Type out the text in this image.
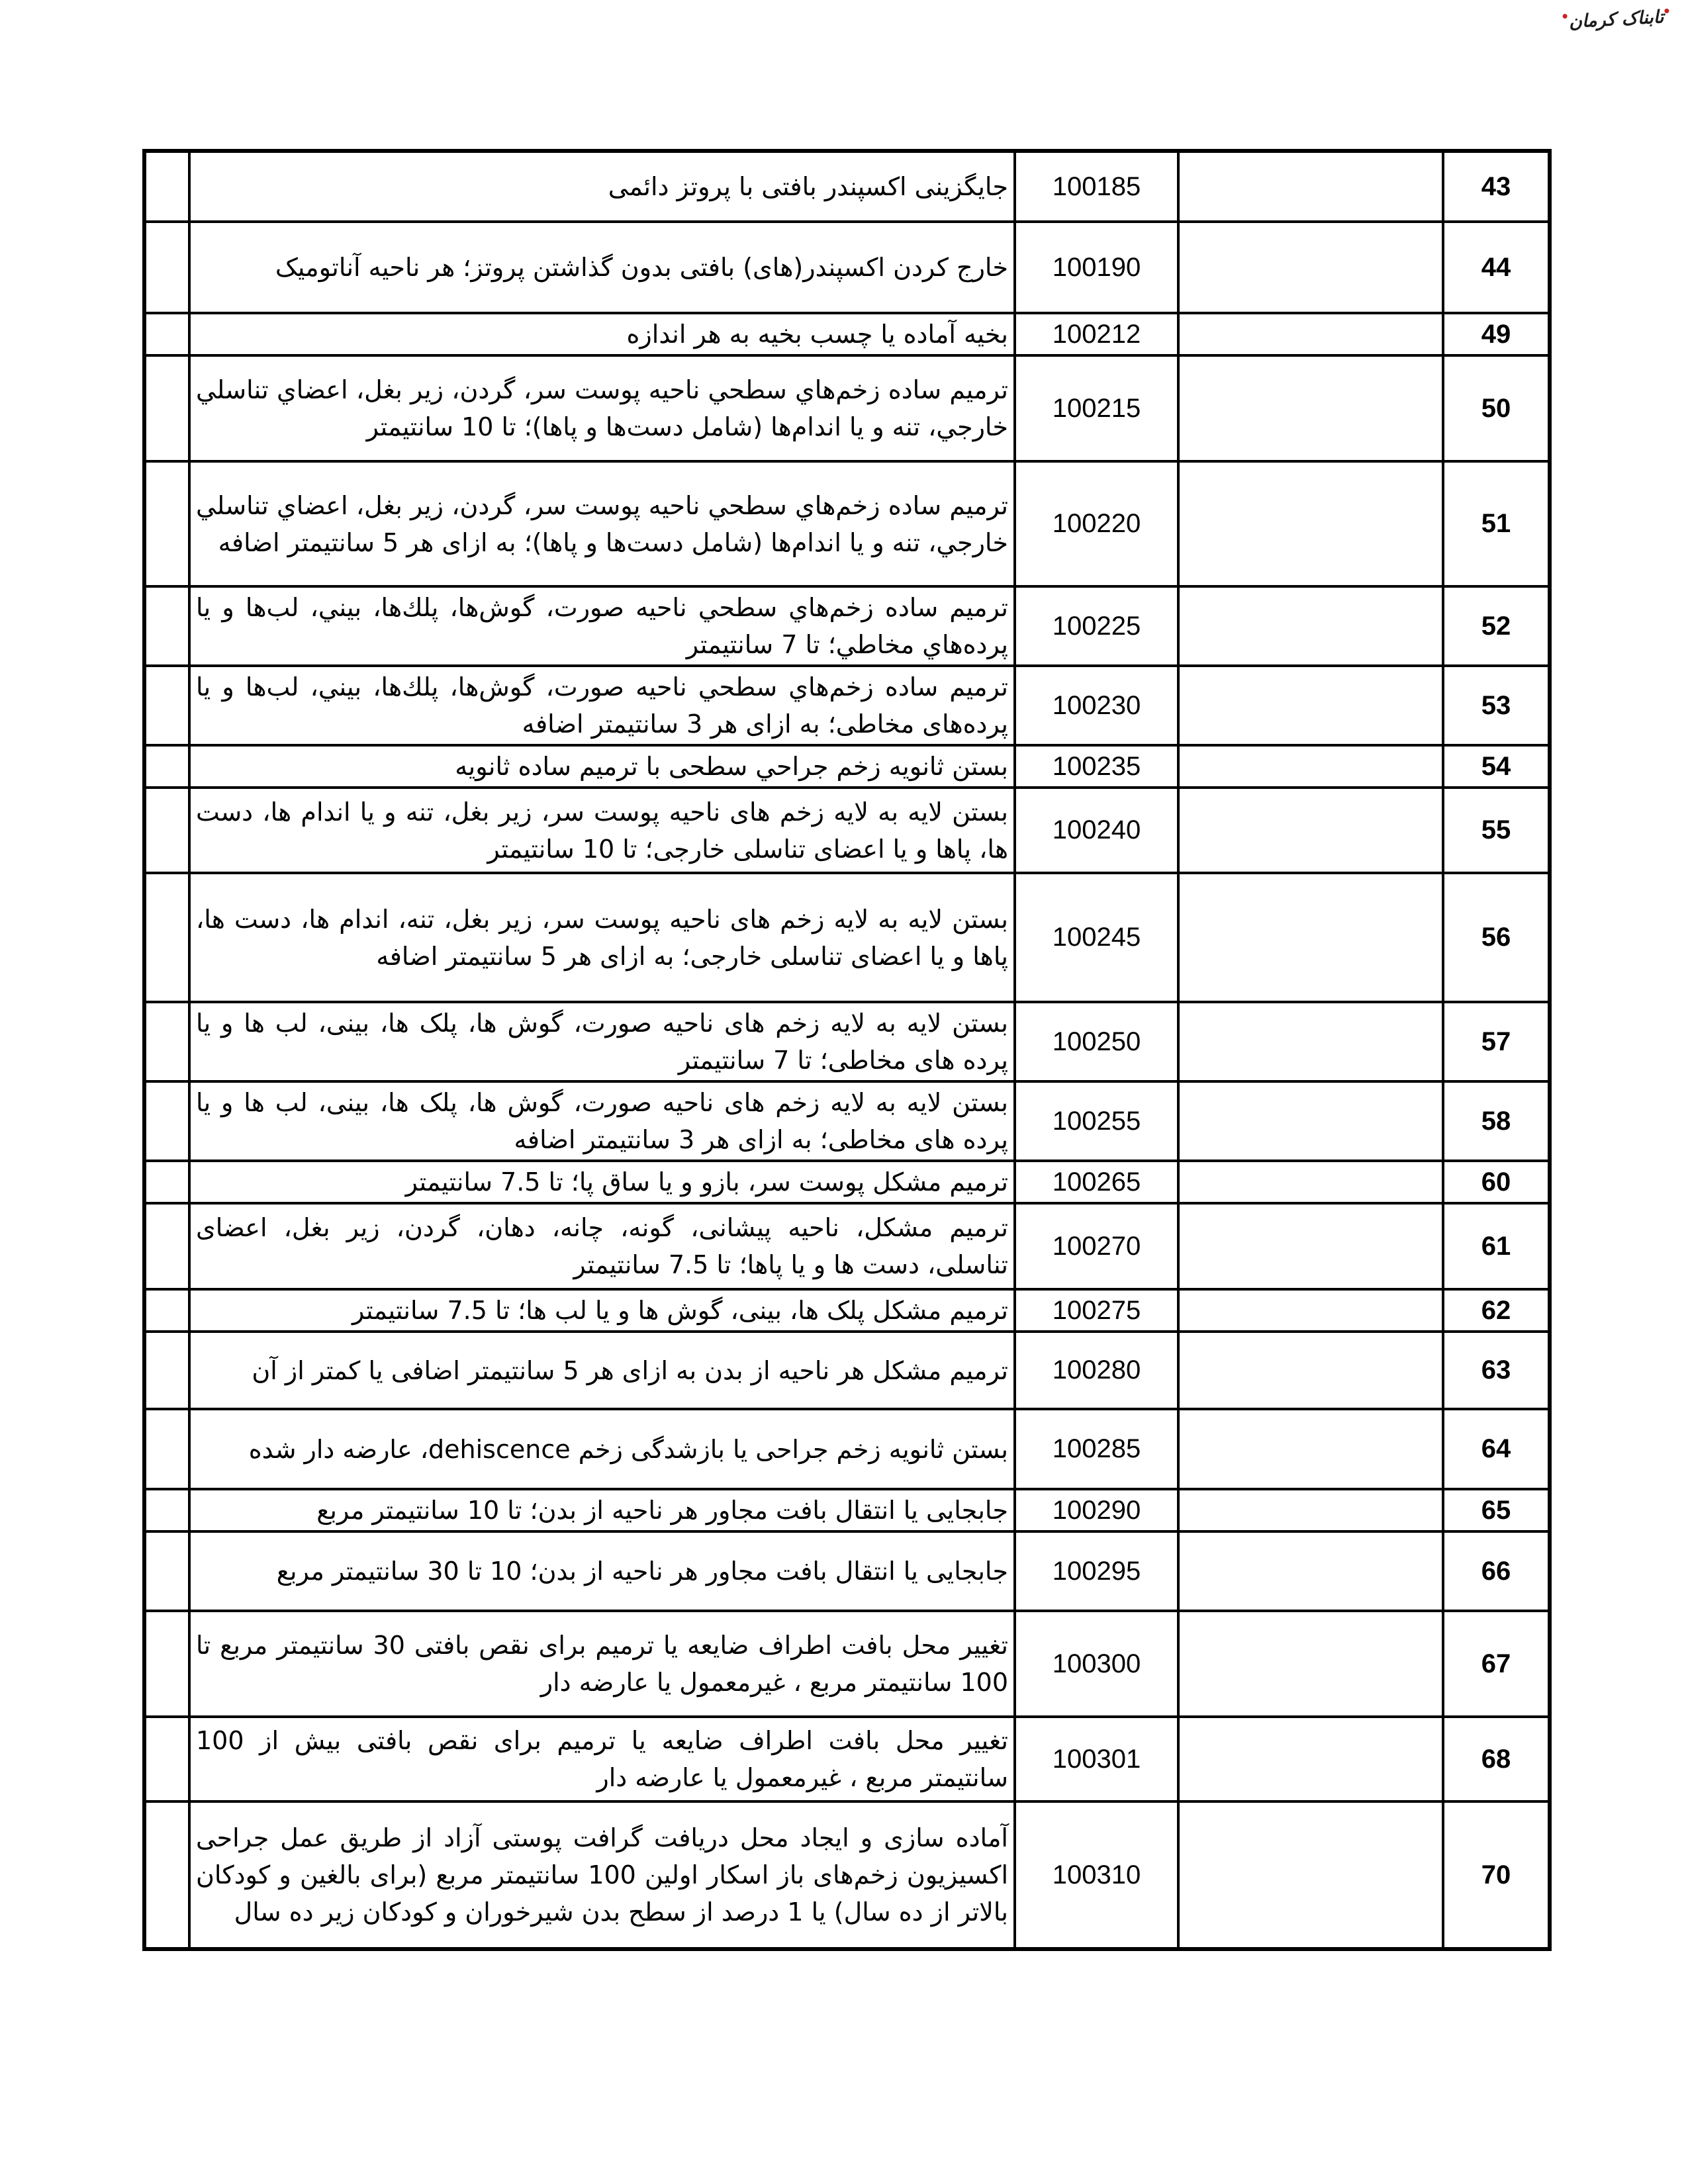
تابناک کرمان
43		100185	جایگزینی اکسپندر بافتی با پروتز دائمی	
44		100190	خارج کردن اکسپندر(های) بافتی بدون گذاشتن پروتز؛ هر ناحیه آناتومیک	
49		100212	بخیه آماده یا چسب بخیه به هر اندازه	
50		100215	ترمیم ساده زخم‌هاي سطحي ناحیه پوست سر، گردن، زیر بغل، اعضاي تناسلي خارجي، تنه و یا اندام‌ها (شامل دست‌ها و پاها)؛ تا 10 سانتیمتر	
51		100220	ترمیم ساده زخم‌هاي سطحي ناحیه پوست سر، گردن، زیر بغل، اعضاي تناسلي خارجي، تنه و یا اندام‌ها (شامل دست‌ها و پاها)؛ به ازای هر 5 سانتیمتر اضافه	
52		100225	ترمیم ساده زخم‌هاي سطحي ناحیه صورت، گوش‌ها، پلك‌ها، بیني، لب‌ها و یا پرده‌هاي مخاطي؛ تا 7 سانتیمتر	
53		100230	ترمیم ساده زخم‌هاي سطحي ناحیه صورت، گوش‌ها، پلك‌ها، بیني، لب‌ها و یا پرده‌های مخاطی؛ به ازای هر 3 سانتیمتر اضافه	
54		100235	بستن ثانویه زخم جراحي سطحی با ترمیم ساده ثانویه	
55		100240	بستن لایه به لایه زخم های ناحیه پوست سر، زیر بغل، تنه و یا اندام ها، دست ها، پاها و یا اعضای تناسلی خارجی؛ تا 10 سانتیمتر	
56		100245	بستن لایه به لایه زخم های ناحیه پوست سر، زیر بغل، تنه، اندام ها، دست ها، پاها و یا اعضای تناسلی خارجی؛ به ازای هر 5 سانتیمتر اضافه	
57		100250	بستن لایه به لایه زخم های ناحیه صورت، گوش ها، پلک ها، بینی، لب ها و یا پرده های مخاطی؛ تا 7 سانتیمتر	
58		100255	بستن لایه به لایه زخم های ناحیه صورت، گوش ها، پلک ها، بینی، لب ها و یا پرده های مخاطی؛ به ازای هر 3 سانتیمتر اضافه	
60		100265	ترمیم مشکل پوست سر، بازو و یا ساق پا؛ تا 7.5 سانتیمتر	
61		100270	ترمیم مشکل، ناحیه پیشانی، گونه، چانه، دهان، گردن، زیر بغل، اعضای تناسلی، دست ها و یا پاها؛ تا 7.5 سانتیمتر	
62		100275	ترمیم مشکل پلک ها، بینی، گوش ها و یا لب ها؛ تا 7.5 سانتیمتر	
63		100280	ترمیم مشکل هر ناحیه از بدن به ازای هر 5 سانتیمتر اضافی یا کمتر از آن	
64		100285	بستن ثانویه زخم جراحی یا بازشدگی زخم dehiscence، عارضه دار شده	
65		100290	جابجایی یا انتقال بافت مجاور هر ناحیه از بدن؛ تا 10 سانتیمتر مربع	
66		100295	جابجایی یا انتقال بافت مجاور هر ناحیه از بدن؛ 10 تا 30 سانتیمتر مربع	
67		100300	تغییر محل بافت اطراف ضایعه یا ترمیم برای نقص بافتی 30 سانتیمتر مربع تا 100 سانتیمتر مربع ، غیرمعمول یا عارضه دار	
68		100301	تغییر محل بافت اطراف ضایعه یا ترمیم برای نقص بافتی بیش از 100 سانتیمتر مربع ، غیرمعمول یا عارضه دار	
70		100310	آماده سازی و ایجاد محل دریافت گرافت پوستی آزاد از طریق عمل جراحی اکسیزیون زخم‌های باز اسکار اولین 100 سانتیمتر مربع (برای بالغین و کودکان بالاتر از ده سال) یا 1 درصد از سطح بدن شیرخوران و کودکان زیر ده سال	
